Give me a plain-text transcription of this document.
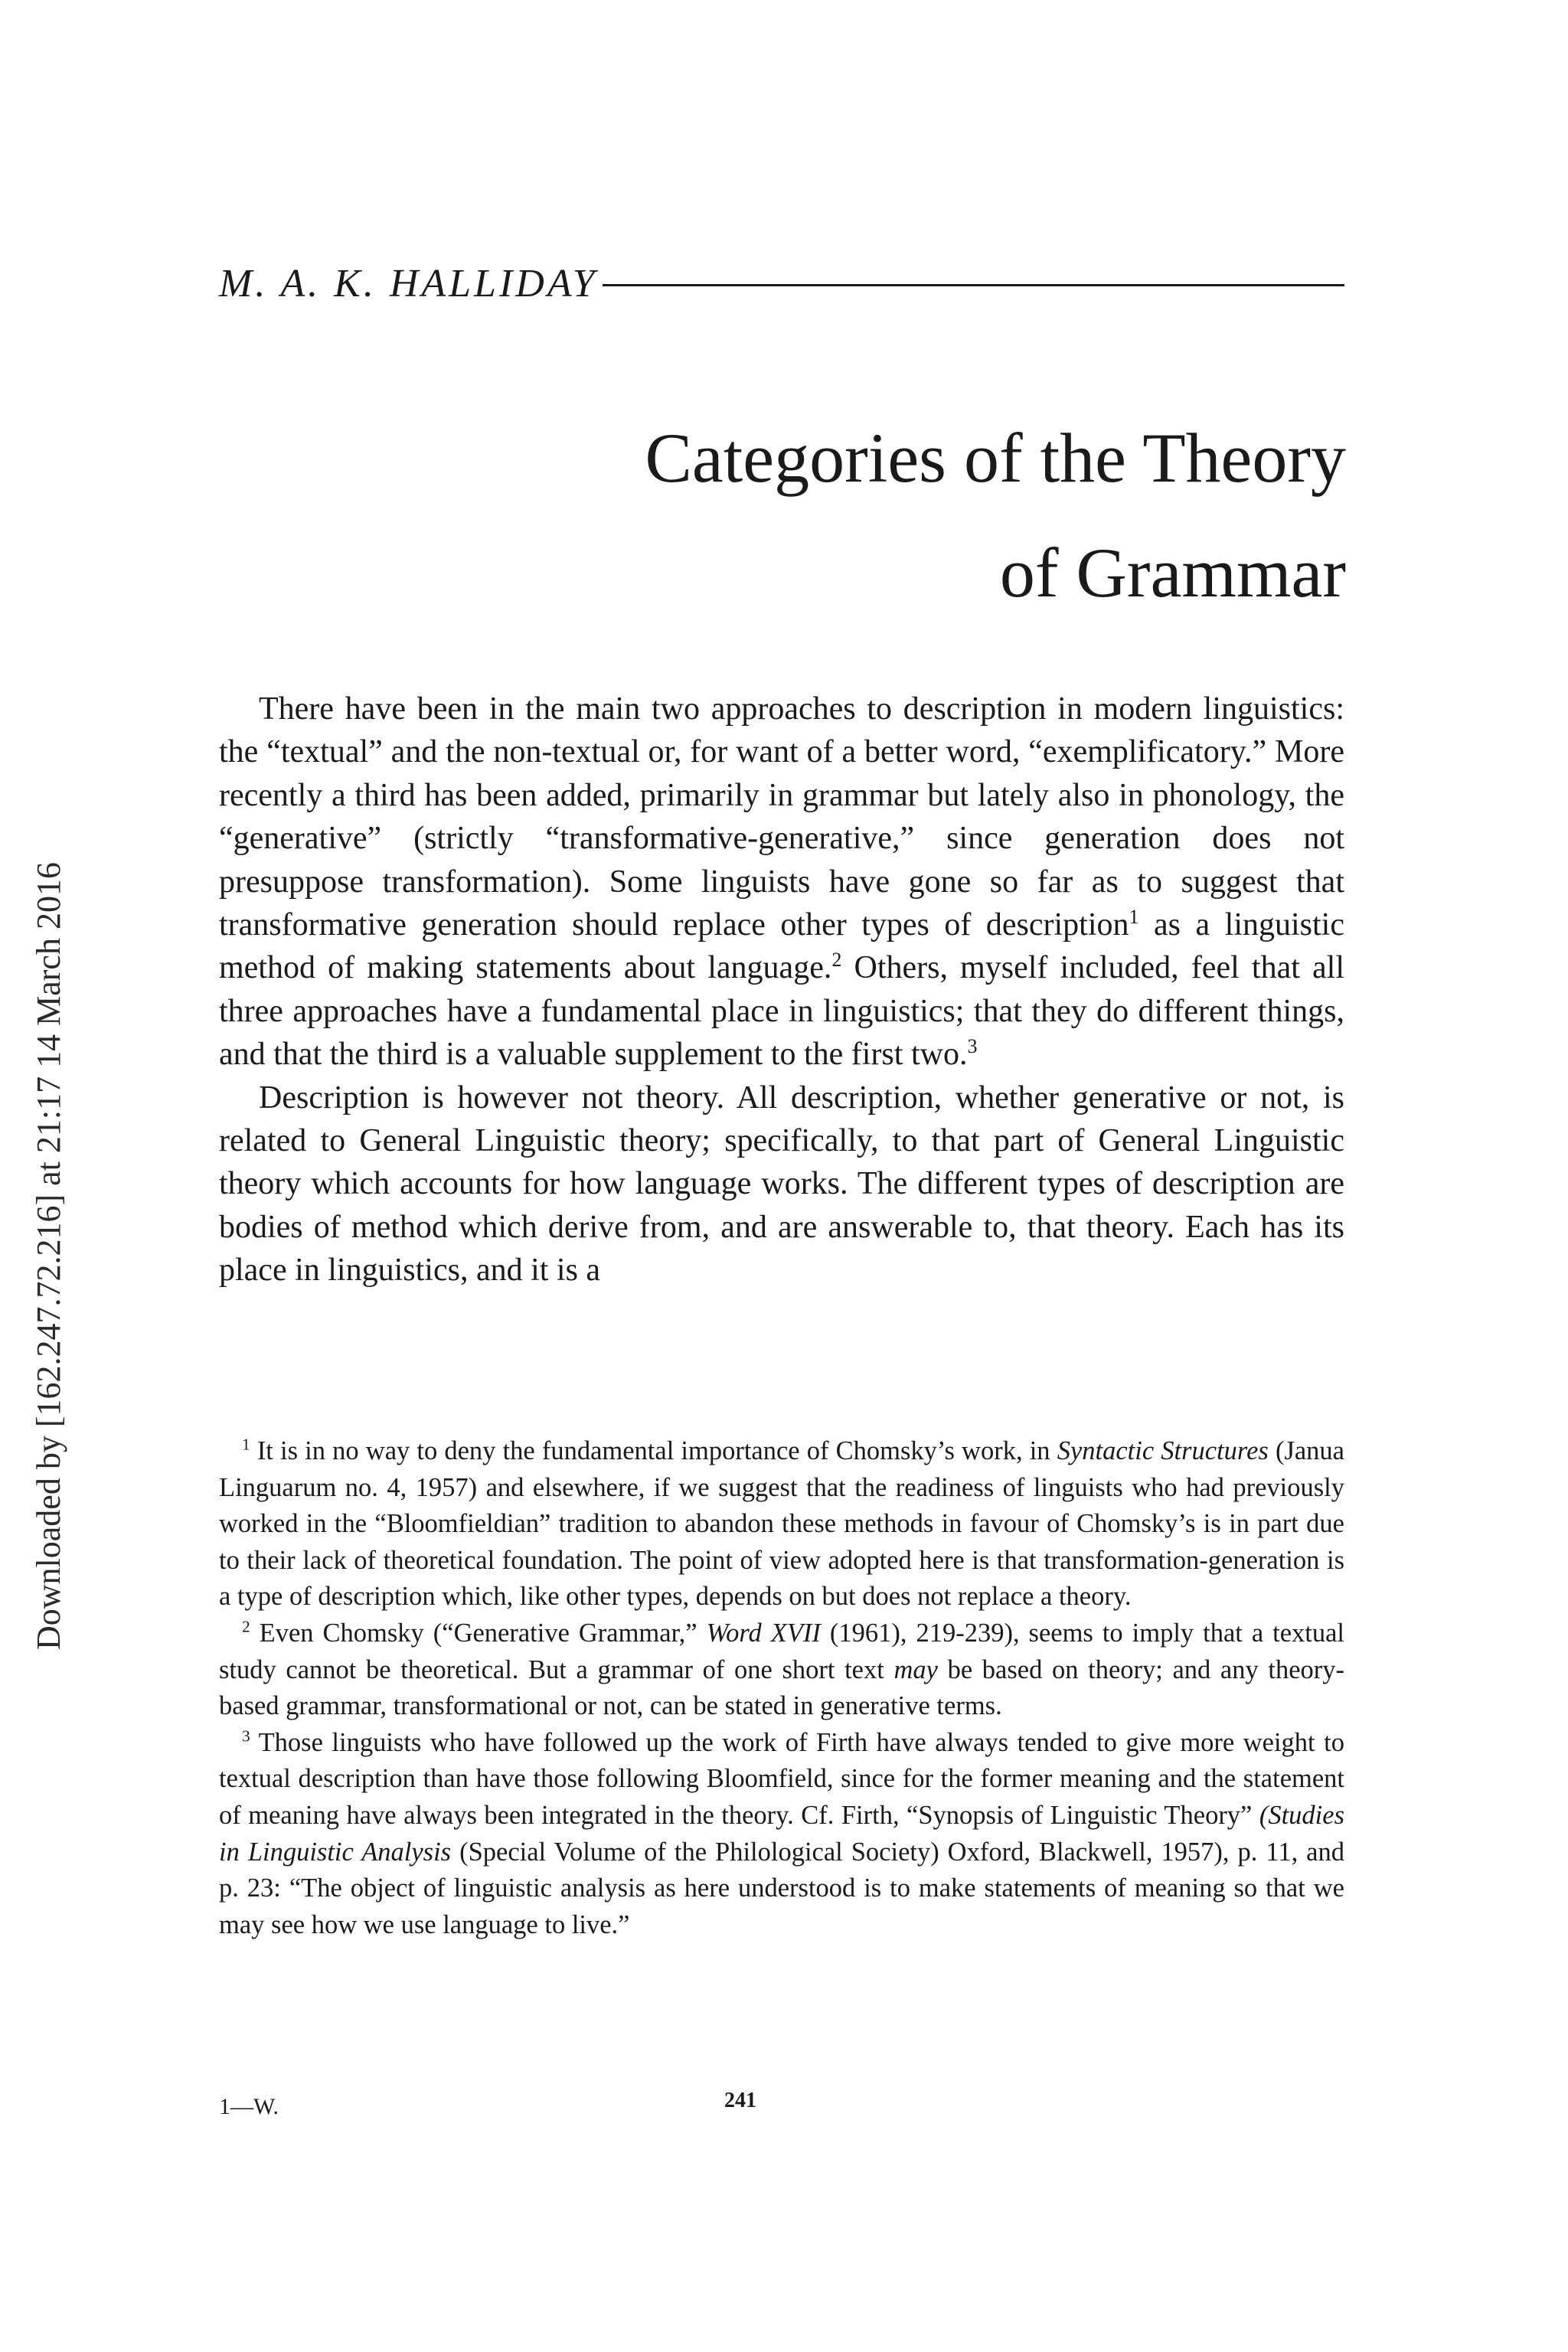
M. A. K. HALLIDAY
Categories of the Theory
of Grammar
Downloaded by [162.247.72.216] at 21:17 14 March 2016

There have been in the main two approaches to description in modern linguistics: the “textual” and the non-textual or, for want of a better word, “exemplificatory.” More recently a third has been added, primarily in grammar but lately also in phonology, the “generative” (strictly “transformative-generative,” since generation does not presuppose transformation). Some linguists have gone so far as to suggest that transformative generation should replace other types of description$^1$ as a linguistic method of making statements about language.$^2$ Others, myself included, feel that all three approaches have a fundamental place in linguistics; that they do different things, and that the third is a valuable supplement to the first two.$^3$

Description is however not theory. All description, whether generative or not, is related to General Linguistic theory; specifically, to that part of General Linguistic theory which accounts for how language works. The different types of description are bodies of method which derive from, and are answerable to, that theory. Each has its place in linguistics, and it is a

$^1$ It is in no way to deny the fundamental importance of Chomsky’s work, in Syntactic Structures (Janua Linguarum no. 4, 1957) and elsewhere, if we suggest that the readiness of linguists who had previously worked in the “Bloomfieldian” tradition to abandon these methods in favour of Chomsky’s is in part due to their lack of theoretical foundation. The point of view adopted here is that transformation-generation is a type of description which, like other types, depends on but does not replace a theory.

$^2$ Even Chomsky (“Generative Grammar,” Word XVII (1961), 219-239), seems to imply that a textual study cannot be theoretical. But a grammar of one short text may be based on theory; and any theory-based grammar, transformational or not, can be stated in generative terms.

$^3$ Those linguists who have followed up the work of Firth have always tended to give more weight to textual description than have those following Bloomfield, since for the former meaning and the statement of meaning have always been integrated in the theory. Cf. Firth, “Synopsis of Linguistic Theory” (Studies in Linguistic Analysis (Special Volume of the Philological Society) Oxford, Blackwell, 1957), p. 11, and p. 23: “The object of linguistic analysis as here understood is to make statements of meaning so that we may see how we use language to live.”

1—W.	241
